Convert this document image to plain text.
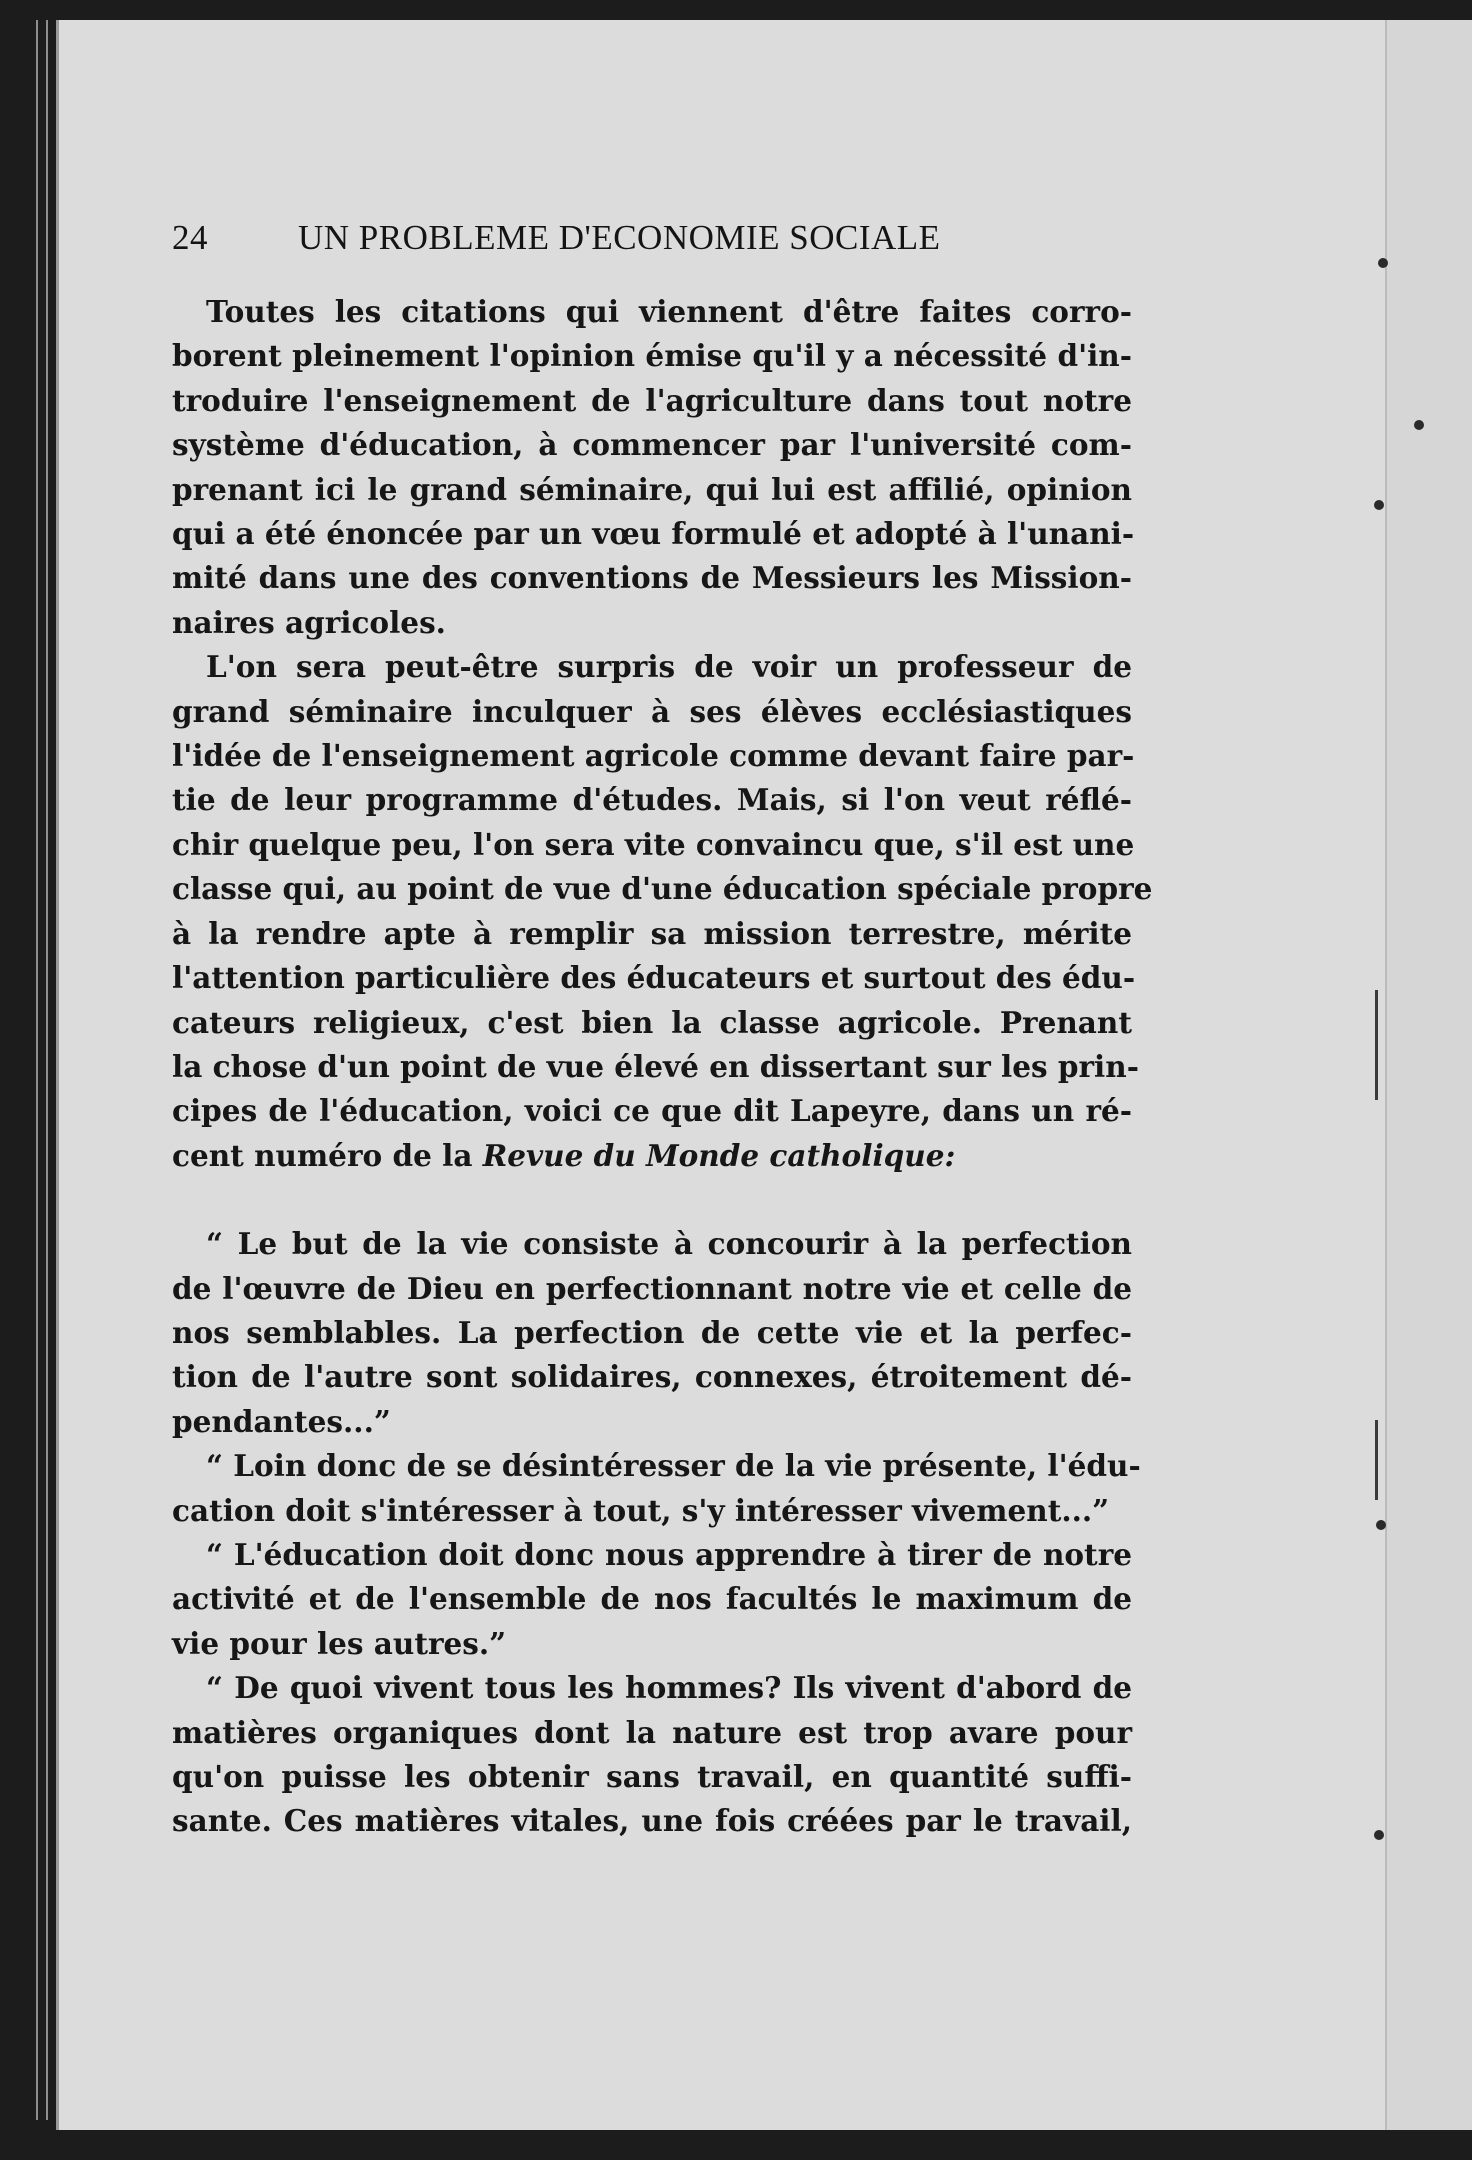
24	UN PROBLEME D'ECONOMIE SOCIALE

Toutes les citations qui viennent d'être faites corro-
borent pleinement l'opinion émise qu'il y a nécessité d'in-
troduire l'enseignement de l'agriculture dans tout notre
système d'éducation, à commencer par l'université com-
prenant ici le grand séminaire, qui lui est affilié, opinion
qui a été énoncée par un vœu formulé et adopté à l'unani-
mité dans une des conventions de Messieurs les Mission-
naires agricoles.

L'on sera peut-être surpris de voir un professeur de
grand séminaire inculquer à ses élèves ecclésiastiques
l'idée de l'enseignement agricole comme devant faire par-
tie de leur programme d'études. Mais, si l'on veut réflé-
chir quelque peu, l'on sera vite convaincu que, s'il est une
classe qui, au point de vue d'une éducation spéciale propre
à la rendre apte à remplir sa mission terrestre, mérite
l'attention particulière des éducateurs et surtout des édu-
cateurs religieux, c'est bien la classe agricole. Prenant
la chose d'un point de vue élevé en dissertant sur les prin-
cipes de l'éducation, voici ce que dit Lapeyre, dans un ré-
cent numéro de la Revue du Monde catholique:

“ Le but de la vie consiste à concourir à la perfection
de l'œuvre de Dieu en perfectionnant notre vie et celle de
nos semblables. La perfection de cette vie et la perfec-
tion de l'autre sont solidaires, connexes, étroitement dé-
pendantes...”

“ Loin donc de se désintéresser de la vie présente, l'édu-
cation doit s'intéresser à tout, s'y intéresser vivement...”

“ L'éducation doit donc nous apprendre à tirer de notre
activité et de l'ensemble de nos facultés le maximum de
vie pour les autres.”

“ De quoi vivent tous les hommes? Ils vivent d'abord de
matières organiques dont la nature est trop avare pour
qu'on puisse les obtenir sans travail, en quantité suffi-
sante. Ces matières vitales, une fois créées par le travail,
